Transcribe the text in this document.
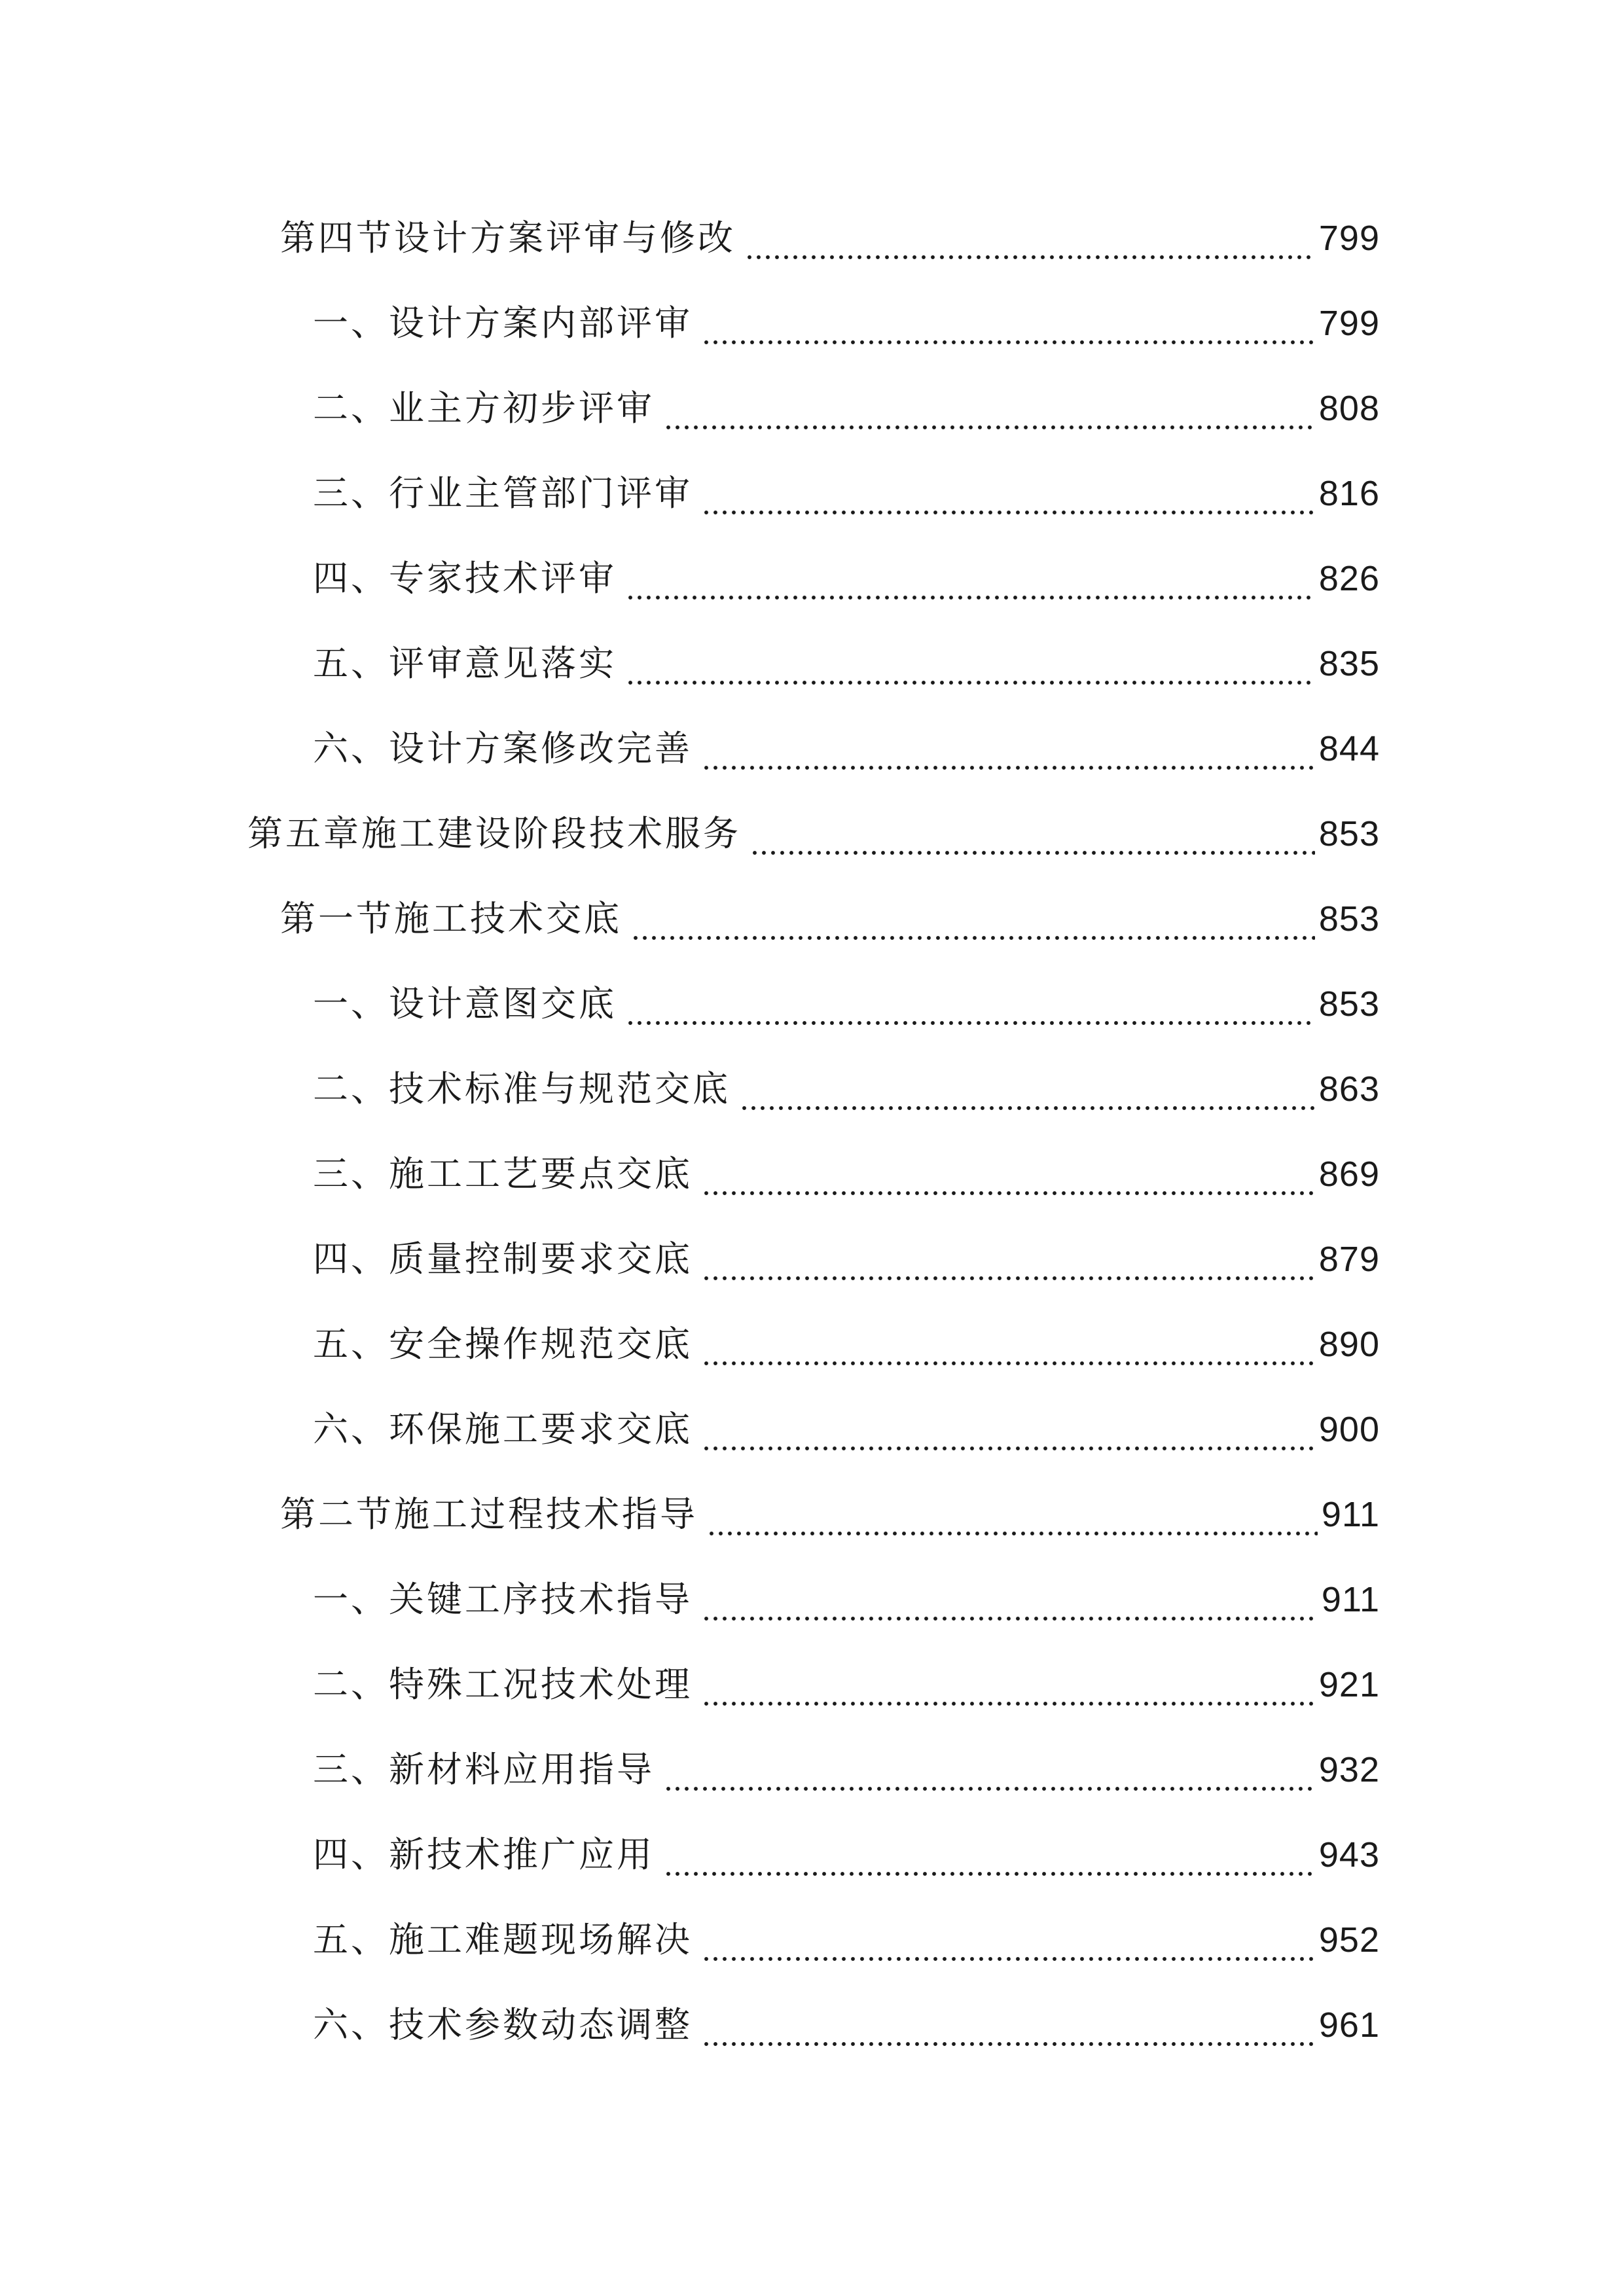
第四节设计方案评审与修改	799
一、设计方案内部评审	799
二、业主方初步评审	808
三、行业主管部门评审	816
四、专家技术评审	826
五、评审意见落实	835
六、设计方案修改完善	844
第五章施工建设阶段技术服务	853
第一节施工技术交底	853
一、设计意图交底	853
二、技术标准与规范交底	863
三、施工工艺要点交底	869
四、质量控制要求交底	879
五、安全操作规范交底	890
六、环保施工要求交底	900
第二节施工过程技术指导	911
一、关键工序技术指导	911
二、特殊工况技术处理	921
三、新材料应用指导	932
四、新技术推广应用	943
五、施工难题现场解决	952
六、技术参数动态调整	961
